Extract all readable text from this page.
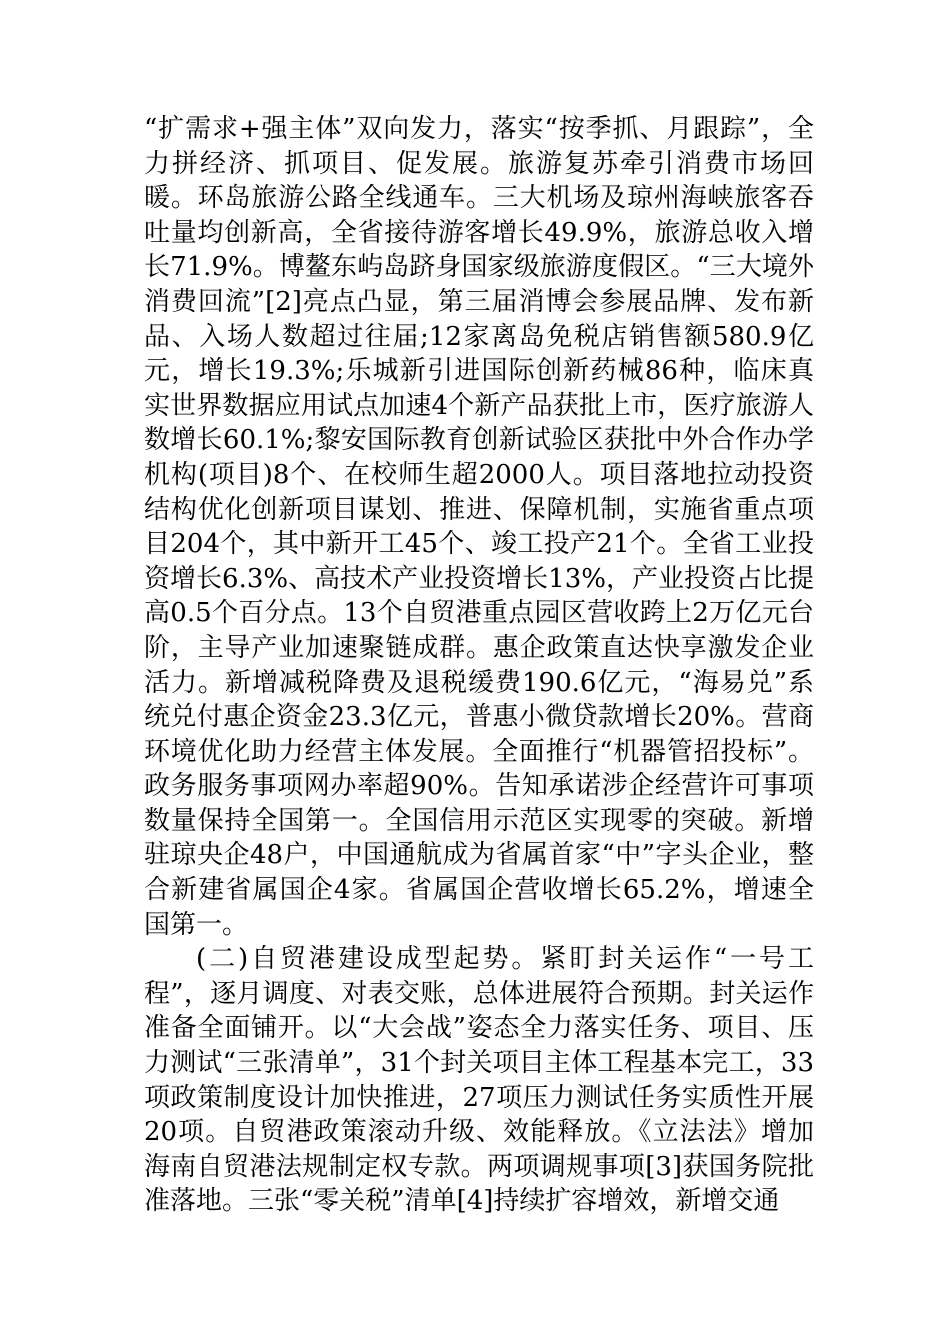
“扩需求+强主体”双向发力，落实“按季抓、月跟踪”，全力拼经济、抓项目、促发展。旅游复苏牵引消费市场回暖。环岛旅游公路全线通车。三大机场及琼州海峡旅客吞吐量均创新高，全省接待游客增长49.9%，旅游总收入增长71.9%。博鳌东屿岛跻身国家级旅游度假区。“三大境外消费回流”[2]亮点凸显，第三届消博会参展品牌、发布新品、入场人数超过往届;12家离岛免税店销售额580.9亿元，增长19.3%;乐城新引进国际创新药械86种，临床真实世界数据应用试点加速4个新产品获批上市，医疗旅游人数增长60.1%;黎安国际教育创新试验区获批中外合作办学机构(项目)8个、在校师生超2000人。项目落地拉动投资结构优化创新项目谋划、推进、保障机制，实施省重点项目204个，其中新开工45个、竣工投产21个。全省工业投资增长6.3%、高技术产业投资增长13%，产业投资占比提高0.5个百分点。13个自贸港重点园区营收跨上2万亿元台阶，主导产业加速聚链成群。惠企政策直达快享激发企业活力。新增减税降费及退税缓费190.6亿元，“海易兑”系统兑付惠企资金23.3亿元，普惠小微贷款增长20%。营商环境优化助力经营主体发展。全面推行“机器管招投标”。政务服务事项网办率超90%。告知承诺涉企经营许可事项数量保持全国第一。全国信用示范区实现零的突破。新增驻琼央企48户，中国通航成为省属首家“中”字头企业，整合新建省属国企4家。省属国企营收增长65.2%，增速全国第一。

(二)自贸港建设成型起势。紧盯封关运作“一号工程”，逐月调度、对表交账，总体进展符合预期。封关运作准备全面铺开。以“大会战”姿态全力落实任务、项目、压力测试“三张清单”，31个封关项目主体工程基本完工，33项政策制度设计加快推进，27项压力测试任务实质性开展20项。自贸港政策滚动升级、效能释放。《立法法》增加海南自贸港法规制定权专款。两项调规事项[3]获国务院批准落地。三张“零关税”清单[4]持续扩容增效，新增交通
